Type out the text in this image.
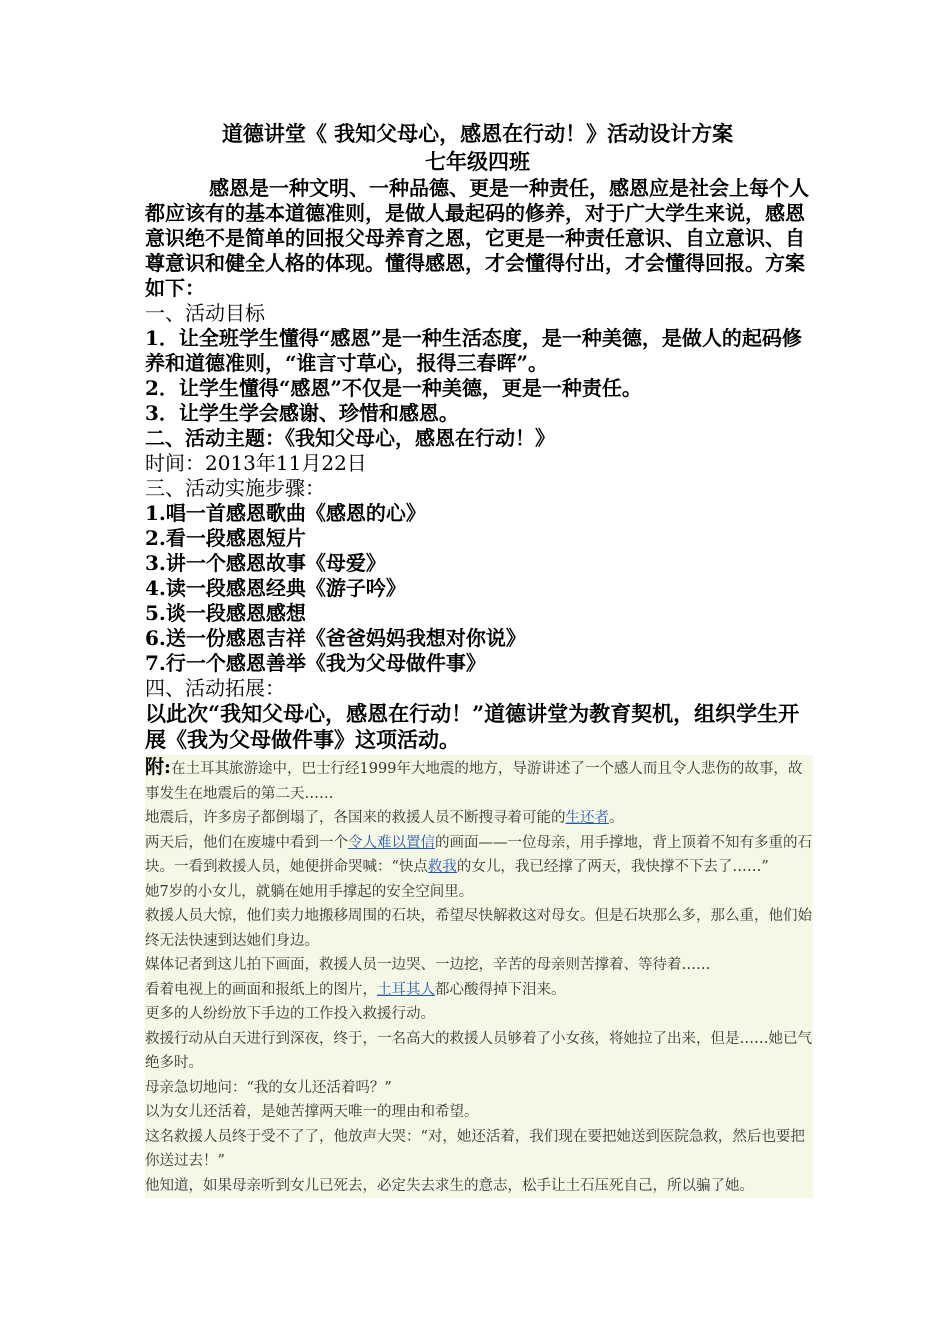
道德讲堂《 我知父母心，感恩在行动！》活动设计方案

七年级四班

感恩是一种文明、一种品德、更是一种责任，感恩应是社会上每个人都应该有的基本道德准则，是做人最起码的修养，对于广大学生来说，感恩意识绝不是简单的回报父母养育之恩，它更是一种责任意识、自立意识、自尊意识和健全人格的体现。懂得感恩，才会懂得付出，才会懂得回报。方案如下：

一、活动目标

1．让全班学生懂得“感恩”是一种生活态度，是一种美德，是做人的起码修养和道德准则，“谁言寸草心，报得三春晖”。

2．让学生懂得“感恩”不仅是一种美德，更是一种责任。

3．让学生学会感谢、珍惜和感恩。

二、活动主题：《我知父母心，感恩在行动！》

时间：2013年11月22日

三、活动实施步骤：

1.唱一首感恩歌曲《感恩的心》

2.看一段感恩短片

3.讲一个感恩故事《母爱》

4.读一段感恩经典《游子吟》

5.谈一段感恩感想

6.送一份感恩吉祥《爸爸妈妈我想对你说》

7.行一个感恩善举《我为父母做件事》

四、活动拓展：

以此次“我知父母心，感恩在行动！”道德讲堂为教育契机，组织学生开展《我为父母做件事》这项活动。

附:在土耳其旅游途中，巴士行经1999年大地震的地方，导游讲述了一个感人而且令人悲伤的故事，故事发生在地震后的第二天……

地震后，许多房子都倒塌了，各国来的救援人员不断搜寻着可能的生还者。

两天后，他们在废墟中看到一个令人难以置信的画面——一位母亲，用手撑地，背上顶着不知有多重的石块。一看到救援人员，她便拼命哭喊：“快点救我的女儿，我已经撑了两天，我快撑不下去了……”

她7岁的小女儿，就躺在她用手撑起的安全空间里。

救援人员大惊，他们卖力地搬移周围的石块，希望尽快解救这对母女。但是石块那么多，那么重，他们始终无法快速到达她们身边。

媒体记者到这儿拍下画面，救援人员一边哭、一边挖，辛苦的母亲则苦撑着、等待着……

看着电视上的画面和报纸上的图片，土耳其人都心酸得掉下泪来。

更多的人纷纷放下手边的工作投入救援行动。

救援行动从白天进行到深夜，终于，一名高大的救援人员够着了小女孩，将她拉了出来，但是……她已气绝多时。

母亲急切地问：“我的女儿还活着吗？”

以为女儿还活着，是她苦撑两天唯一的理由和希望。

这名救援人员终于受不了了，他放声大哭：“对，她还活着，我们现在要把她送到医院急救，然后也要把你送过去！”

他知道，如果母亲听到女儿已死去，必定失去求生的意志，松手让土石压死自己，所以骗了她。
